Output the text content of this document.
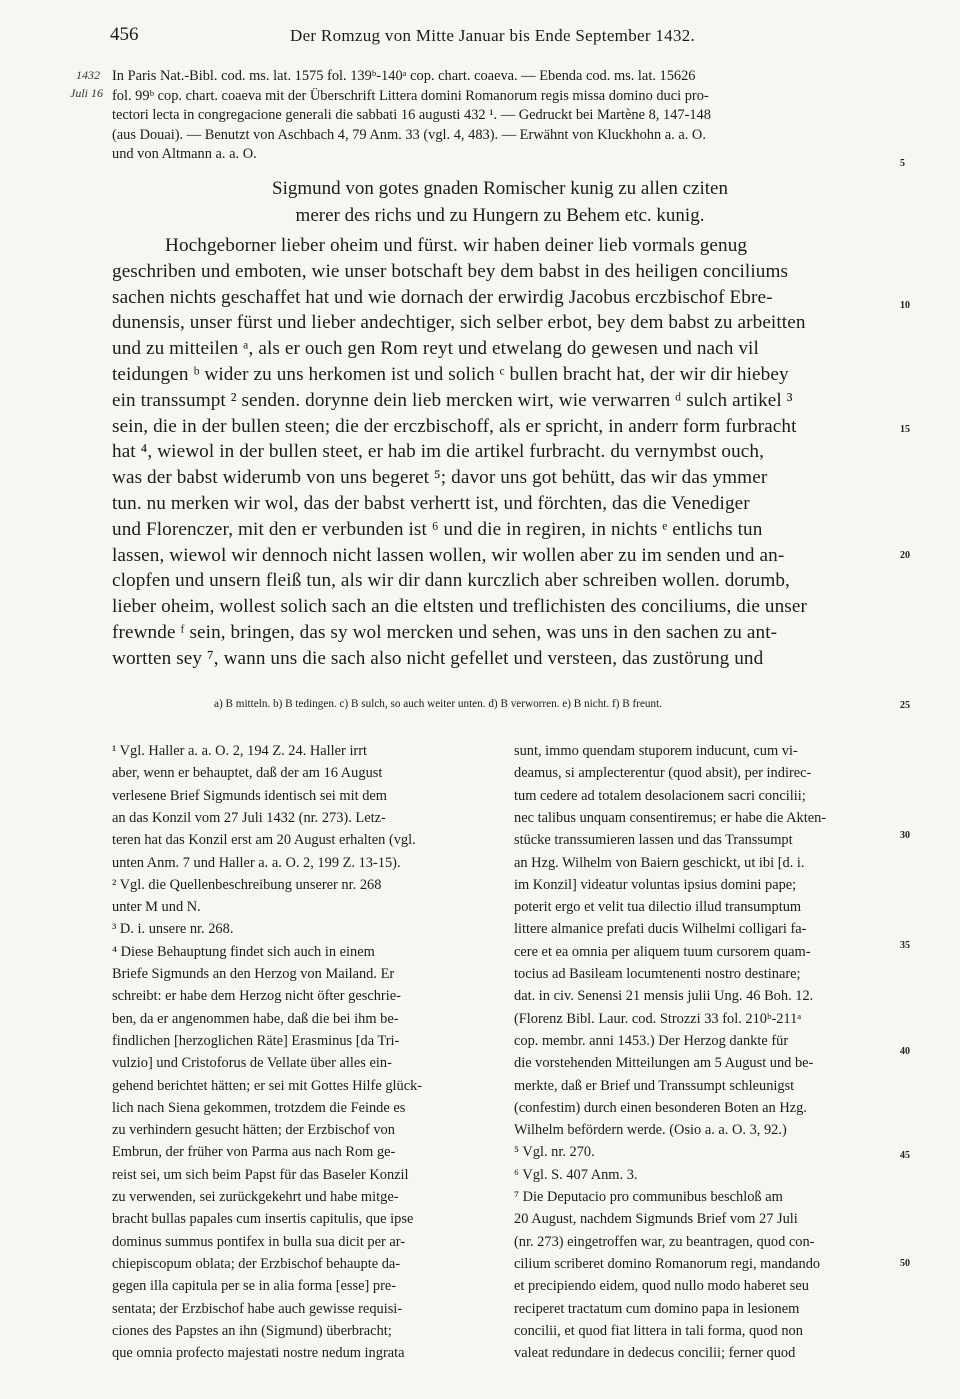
456	Der Romzug von Mitte Januar bis Ende September 1432.
1432
Juli 16
In Paris Nat.-Bibl. cod. ms. lat. 1575 fol. 139ᵇ-140ᵃ cop. chart. coaeva. — Ebenda cod. ms. lat. 15626
fol. 99ᵇ cop. chart. coaeva mit der Überschrift Littera domini Romanorum regis missa domino duci pro-
tectori lecta in congregacione generali die sabbati 16 augusti 432 ¹. — Gedruckt bei Martène 8, 147-148
(aus Douai). — Benutzt von Aschbach 4, 79 Anm. 33 (vgl. 4, 483). — Erwähnt von Kluckhohn a. a. O.
und von Altmann a. a. O.
Sigmund von gotes gnaden Romischer kunig zu allen cziten
merer des richs und zu Hungern zu Behem etc. kunig.
Hochgeborner lieber oheim und fürst. wir haben deiner lieb vormals genug
geschriben und emboten, wie unser botschaft bey dem babst in des heiligen conciliums
sachen nichts geschaffet hat und wie dornach der erwirdig Jacobus erczbischof Ebre-
dunensis, unser fürst und lieber andechtiger, sich selber erbot, bey dem babst zu arbeitten
und zu mitteilen ᵃ, als er ouch gen Rom reyt und etwelang do gewesen und nach vil
teidungen ᵇ wider zu uns herkomen ist und solich ᶜ bullen bracht hat, der wir dir hiebey
ein transsumpt ² senden. dorynne dein lieb mercken wirt, wie verwarren ᵈ sulch artikel ³
sein, die in der bullen steen; die der erczbischoff, als er spricht, in anderr form furbracht
hat ⁴, wiewol in der bullen steet, er hab im die artikel furbracht. du vernymbst ouch,
was der babst widerumb von uns begeret ⁵; davor uns got behütt, das wir das ymmer
tun. nu merken wir wol, das der babst verhertt ist, und förchten, das die Venediger
und Florenczer, mit den er verbunden ist ⁶ und die in regiren, in nichts ᵉ entlichs tun
lassen, wiewol wir dennoch nicht lassen wollen, wir wollen aber zu im senden und an-
clopfen und unsern fleiß tun, als wir dir dann kurczlich aber schreiben wollen. dorumb,
lieber oheim, wollest solich sach an die eltsten und treflichisten des conciliums, die unser
frewnde ᶠ sein, bringen, das sy wol mercken und sehen, was uns in den sachen zu ant-
wortten sey ⁷, wann uns die sach also nicht gefellet und versteen, das zustörung und
a) B mitteln. b) B tedingen. c) B sulch, so auch weiter unten. d) B verworren. e) B nicht. f) B freunt.
¹ Vgl. Haller a. a. O. 2, 194 Z. 24. Haller irrt
aber, wenn er behauptet, daß der am 16 August
verlesene Brief Sigmunds identisch sei mit dem
an das Konzil vom 27 Juli 1432 (nr. 273). Letz-
teren hat das Konzil erst am 20 August erhalten (vgl.
unten Anm. 7 und Haller a. a. O. 2, 199 Z. 13-15).
² Vgl. die Quellenbeschreibung unserer nr. 268
unter M und N.
³ D. i. unsere nr. 268.
⁴ Diese Behauptung findet sich auch in einem
Briefe Sigmunds an den Herzog von Mailand. Er
schreibt: er habe dem Herzog nicht öfter geschrie-
ben, da er angenommen habe, daß die bei ihm be-
findlichen [herzoglichen Räte] Erasminus [da Tri-
vulzio] und Cristoforus de Vellate über alles ein-
gehend berichtet hätten; er sei mit Gottes Hilfe glück-
lich nach Siena gekommen, trotzdem die Feinde es
zu verhindern gesucht hätten; der Erzbischof von
Embrun, der früher von Parma aus nach Rom ge-
reist sei, um sich beim Papst für das Baseler Konzil
zu verwenden, sei zurückgekehrt und habe mitge-
bracht bullas papales cum insertis capitulis, que ipse
dominus summus pontifex in bulla sua dicit per ar-
chiepiscopum oblata; der Erzbischof behaupte da-
gegen illa capitula per se in alia forma [esse] pre-
sentata; der Erzbischof habe auch gewisse requisi-
ciones des Papstes an ihn (Sigmund) überbracht;
que omnia profecto majestati nostre nedum ingrata
sunt, immo quendam stuporem inducunt, cum vi-
deamus, si amplecterentur (quod absit), per indirec-
tum cedere ad totalem desolacionem sacri concilii;
nec talibus unquam consentiremus; er habe die Akten-
stücke transsumieren lassen und das Transsumpt
an Hzg. Wilhelm von Baiern geschickt, ut ibi [d. i.
im Konzil] videatur voluntas ipsius domini pape;
poterit ergo et velit tua dilectio illud transumptum
littere almanice prefati ducis Wilhelmi colligari fa-
cere et ea omnia per aliquem tuum cursorem quam-
tocius ad Basileam locumtenenti nostro destinare;
dat. in civ. Senensi 21 mensis julii Ung. 46 Boh. 12.
(Florenz Bibl. Laur. cod. Strozzi 33 fol. 210ᵇ-211ᵃ
cop. membr. anni 1453.) Der Herzog dankte für
die vorstehenden Mitteilungen am 5 August und be-
merkte, daß er Brief und Transsumpt schleunigst
(confestim) durch einen besonderen Boten an Hzg.
Wilhelm befördern werde. (Osio a. a. O. 3, 92.)
⁵ Vgl. nr. 270.
⁶ Vgl. S. 407 Anm. 3.
⁷ Die Deputacio pro communibus beschloß am
20 August, nachdem Sigmunds Brief vom 27 Juli
(nr. 273) eingetroffen war, zu beantragen, quod con-
cilium scriberet domino Romanorum regi, mandando
et precipiendo eidem, quod nullo modo haberet seu
reciperet tractatum cum domino papa in lesionem
concilii, et quod fiat littera in tali forma, quod non
valeat redundare in dedecus concilii; ferner quod
5
10
15
20
25
30
35
40
45
50
